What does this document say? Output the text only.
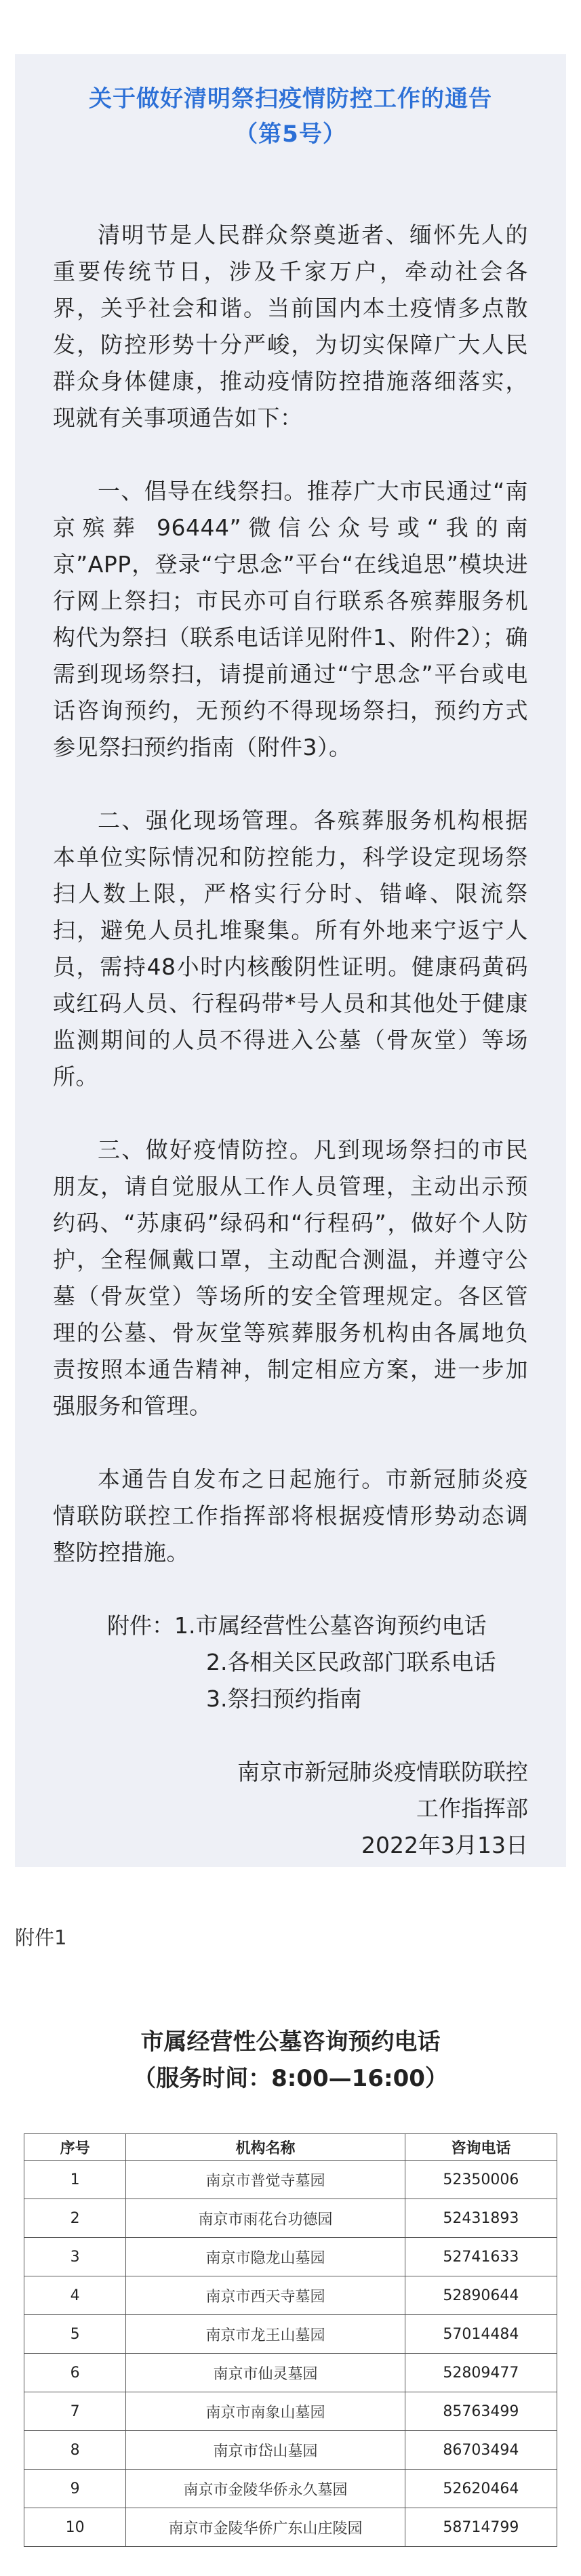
关于做好清明祭扫疫情防控工作的通告
（第5号）

清明节是人民群众祭奠逝者、缅怀先人的重要传统节日，涉及千家万户，牵动社会各界，关乎社会和谐。当前国内本土疫情多点散发，防控形势十分严峻，为切实保障广大人民群众身体健康，推动疫情防控措施落细落实，现就有关事项通告如下：

一、倡导在线祭扫。推荐广大市民通过“南京殡葬 96444”微信公众号或“我的南京”APP，登录“宁思念”平台“在线追思”模块进行网上祭扫；市民亦可自行联系各殡葬服务机构代为祭扫（联系电话详见附件1、附件2）；确需到现场祭扫，请提前通过“宁思念”平台或电话咨询预约，无预约不得现场祭扫，预约方式参见祭扫预约指南（附件3）。

二、强化现场管理。各殡葬服务机构根据本单位实际情况和防控能力，科学设定现场祭扫人数上限，严格实行分时、错峰、限流祭扫，避免人员扎堆聚集。所有外地来宁返宁人员，需持48小时内核酸阴性证明。健康码黄码或红码人员、行程码带*号人员和其他处于健康监测期间的人员不得进入公墓（骨灰堂）等场所。

三、做好疫情防控。凡到现场祭扫的市民朋友，请自觉服从工作人员管理，主动出示预约码、“苏康码”绿码和“行程码”，做好个人防护，全程佩戴口罩，主动配合测温，并遵守公墓（骨灰堂）等场所的安全管理规定。各区管理的公墓、骨灰堂等殡葬服务机构由各属地负责按照本通告精神，制定相应方案，进一步加强服务和管理。

本通告自发布之日起施行。市新冠肺炎疫情联防联控工作指挥部将根据疫情形势动态调整防控措施。

附件：1.市属经营性公墓咨询预约电话
2.各相关区民政部门联系电话
3.祭扫预约指南
南京市新冠肺炎疫情联防联控
工作指挥部
2022年3月13日
附件1
市属经营性公墓咨询预约电话
（服务时间：8:00—16:00）
序号	机构名称	咨询电话
1	南京市普觉寺墓园	52350006
2	南京市雨花台功德园	52431893
3	南京市隐龙山墓园	52741633
4	南京市西天寺墓园	52890644
5	南京市龙王山墓园	57014484
6	南京市仙灵墓园	52809477
7	南京市南象山墓园	85763499
8	南京市岱山墓园	86703494
9	南京市金陵华侨永久墓园	52620464
10	南京市金陵华侨广东山庄陵园	58714799
